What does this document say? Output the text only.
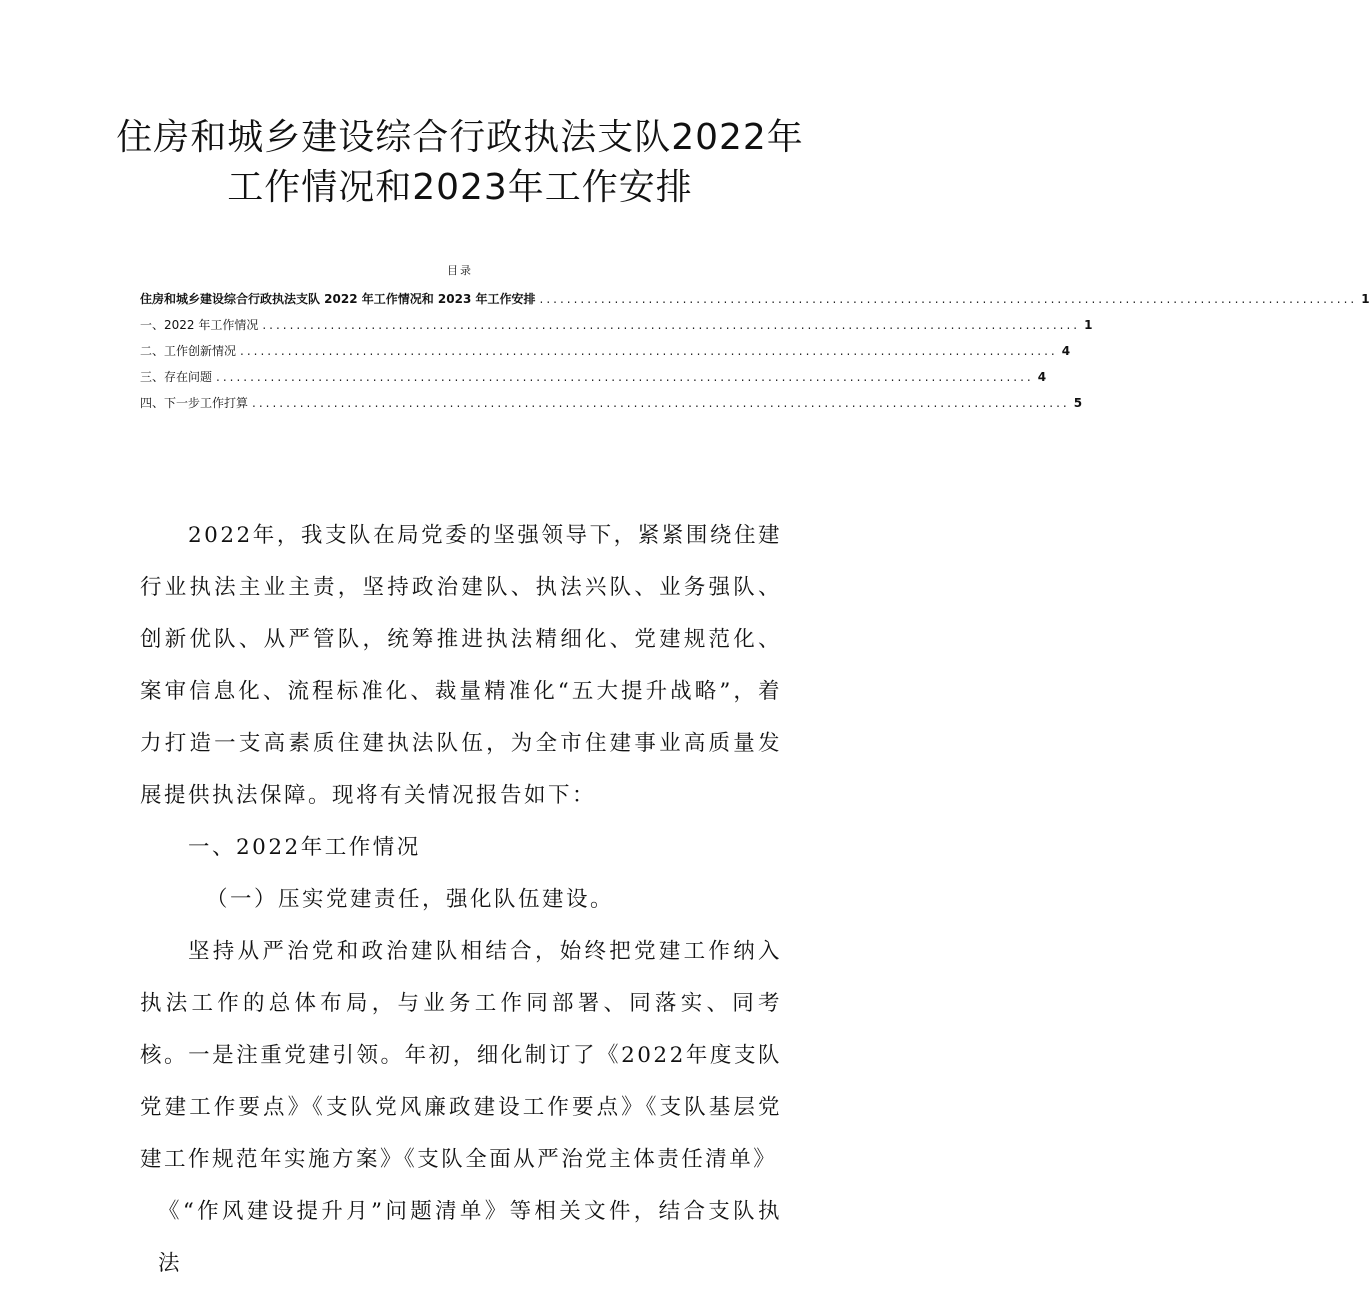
住房和城乡建设综合行政执法支队2022年
工作情况和2023年工作安排
目录
住房和城乡建设综合行政执法支队 2022 年工作情况和 2023 年工作安排 ........................................................................................................................ 1
一、2022 年工作情况 ........................................................................................................................ 1
二、工作创新情况 ........................................................................................................................ 4
三、存在问题 ........................................................................................................................ 4
四、下一步工作打算 ........................................................................................................................ 5

2022年，我支队在局党委的坚强领导下，紧紧围绕住建行业执法主业主责，坚持政治建队、执法兴队、业务强队、创新优队、从严管队，统筹推进执法精细化、党建规范化、案审信息化、流程标准化、裁量精准化“五大提升战略”，着力打造一支高素质住建执法队伍，为全市住建事业高质量发展提供执法保障。现将有关情况报告如下：

一、2022年工作情况

（一）压实党建责任，强化队伍建设。

坚持从严治党和政治建队相结合，始终把党建工作纳入执法工作的总体布局，与业务工作同部署、同落实、同考核。一是注重党建引领。年初，细化制订了《2022年度支队党建工作要点》《支队党风廉政建设工作要点》《支队基层党建工作规范年实施方案》《支队全面从严治党主体责任清单》

《“作风建设提升月”问题清单》等相关文件，结合支队执法
